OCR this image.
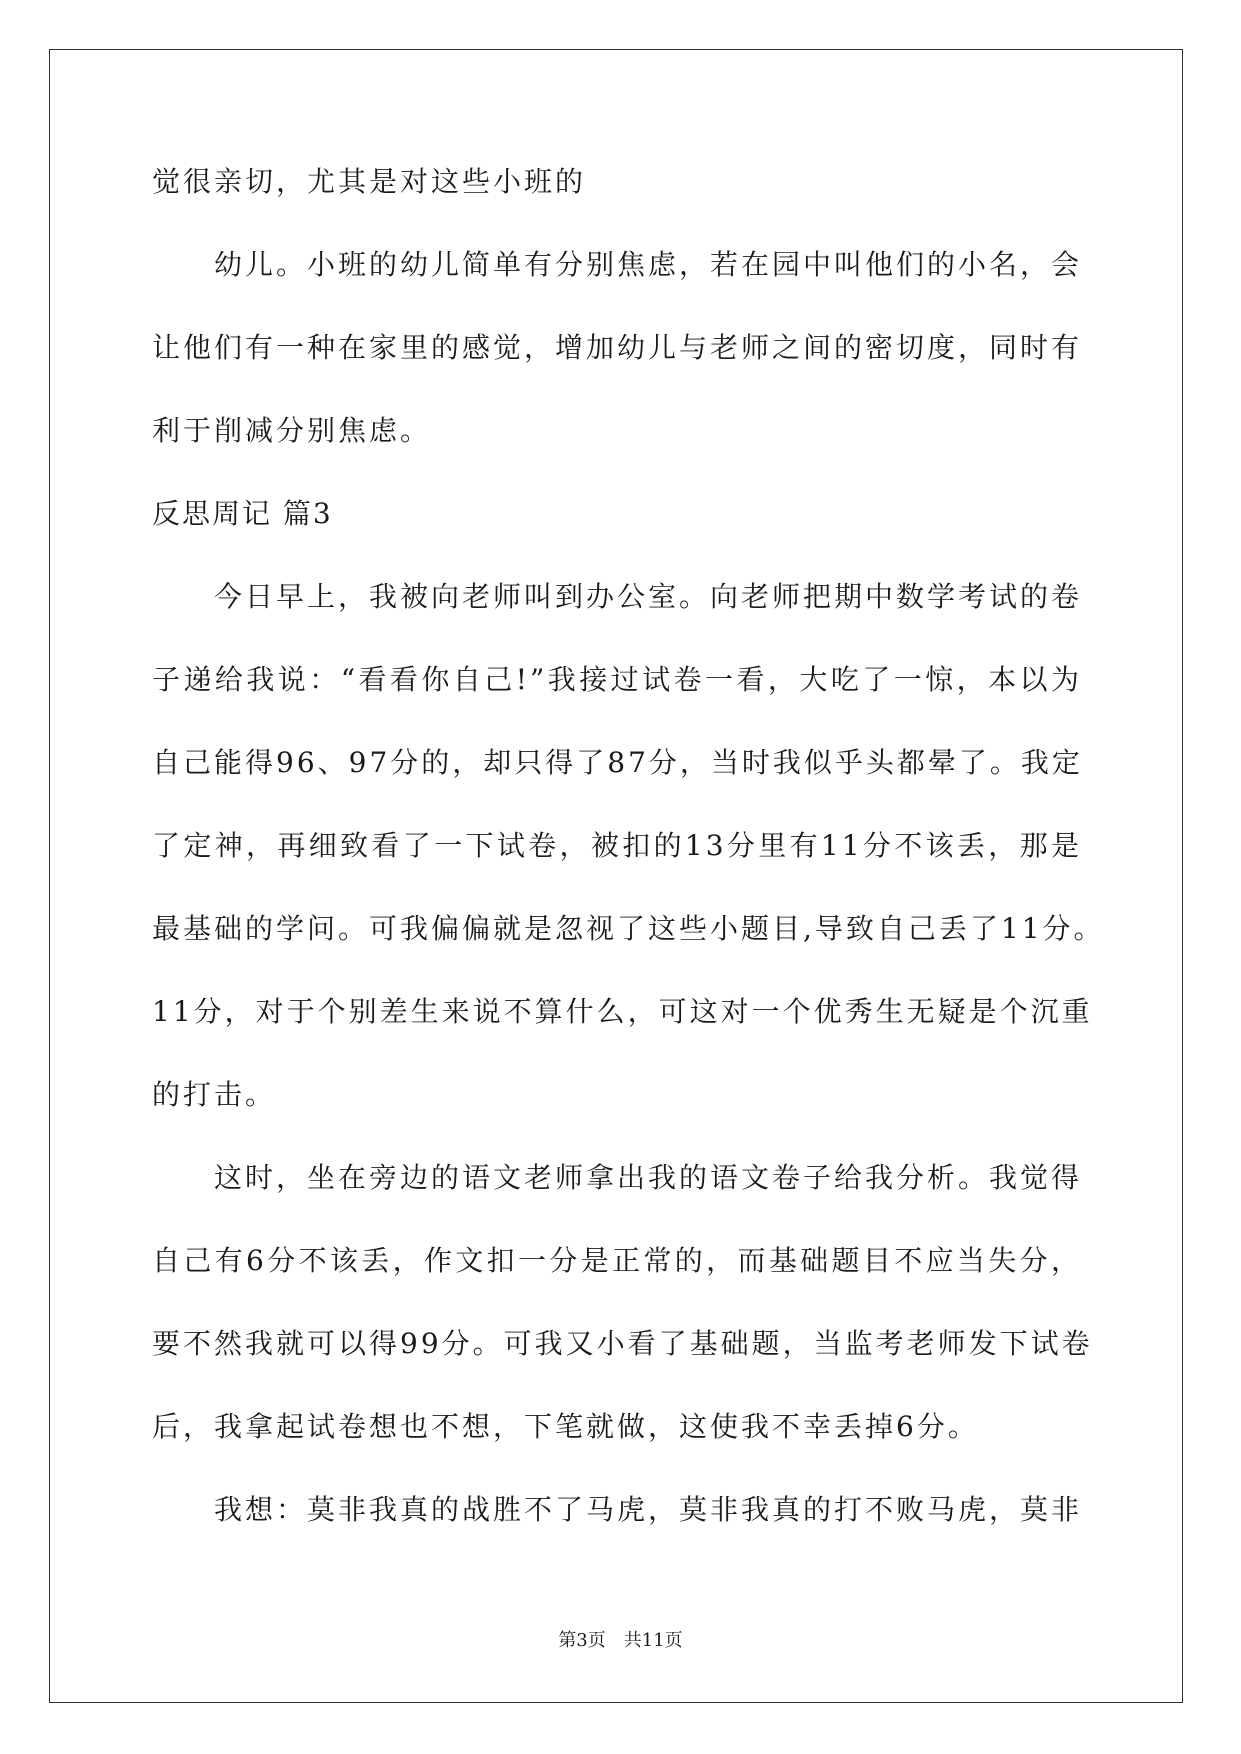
觉很亲切，尤其是对这些小班的
幼儿。小班的幼儿简单有分别焦虑，若在园中叫他们的小名，会
让他们有一种在家里的感觉，增加幼儿与老师之间的密切度，同时有
利于削减分别焦虑。
反思周记 篇3
今日早上，我被向老师叫到办公室。向老师把期中数学考试的卷
子递给我说：“看看你自己!”我接过试卷一看，大吃了一惊，本以为
自己能得96、97分的，却只得了87分，当时我似乎头都晕了。我定
了定神，再细致看了一下试卷，被扣的13分里有11分不该丢，那是
最基础的学问。可我偏偏就是忽视了这些小题目,导致自己丢了11分。
11分，对于个别差生来说不算什么，可这对一个优秀生无疑是个沉重
的打击。
这时，坐在旁边的语文老师拿出我的语文卷子给我分析。我觉得
自己有6分不该丢，作文扣一分是正常的，而基础题目不应当失分，
要不然我就可以得99分。可我又小看了基础题，当监考老师发下试卷
后，我拿起试卷想也不想，下笔就做，这使我不幸丢掉6分。
我想：莫非我真的战胜不了马虎，莫非我真的打不败马虎，莫非
第3页　共11页
